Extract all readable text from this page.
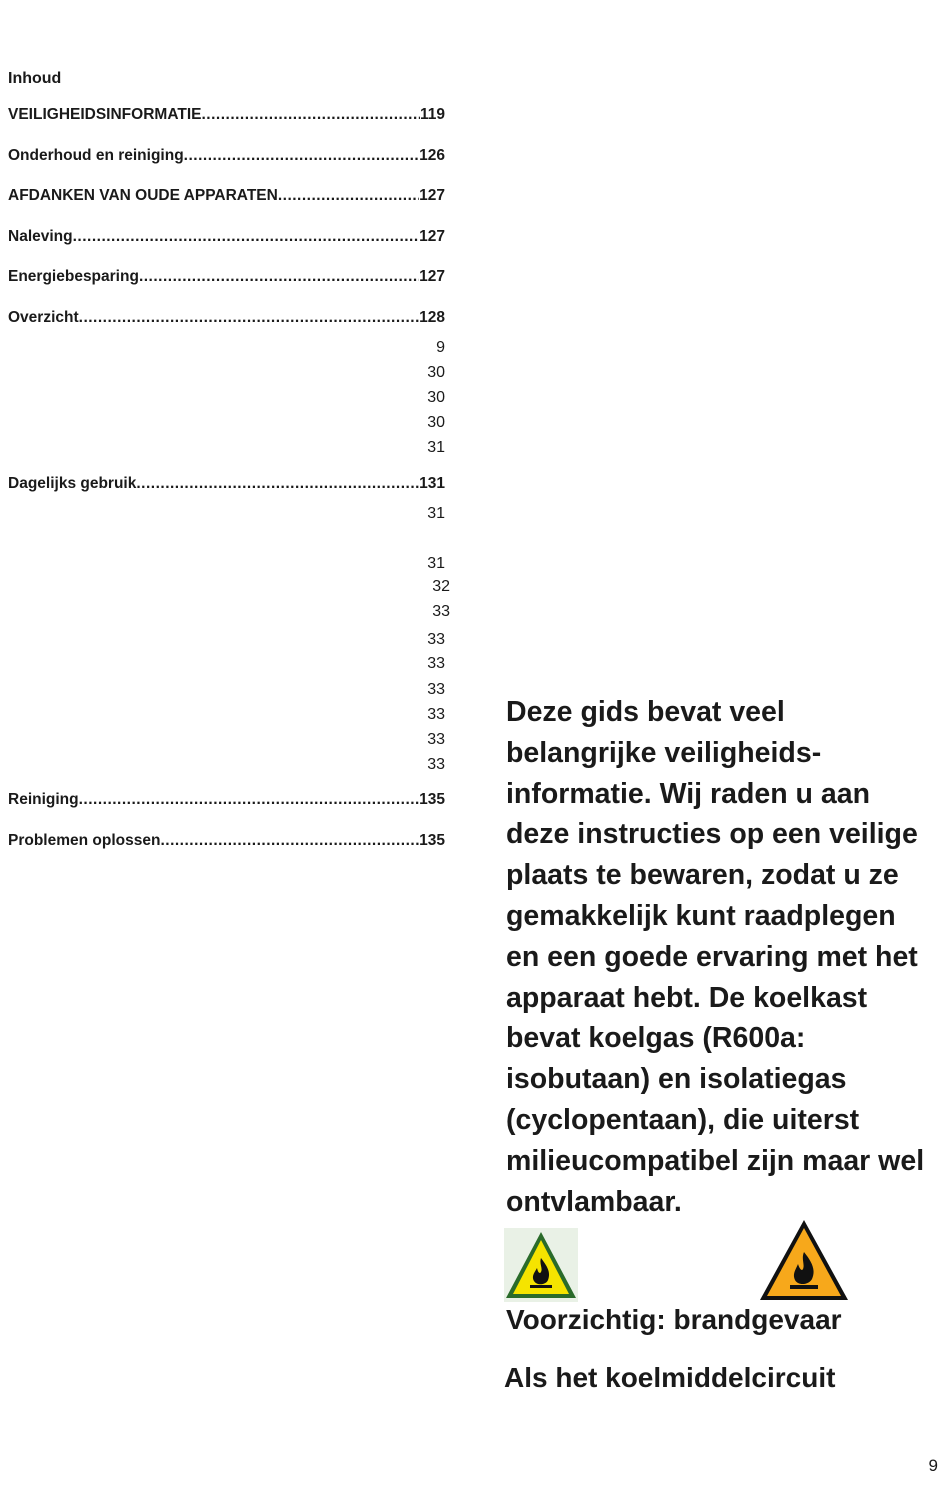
Inhoud
VEILIGHEIDSINFORMATIE .....	119
Onderhoud en reiniging .....	126
AFDANKEN VAN OUDE APPARATEN .....	127
Naleving .....	127
Energiebesparing .....	127
Overzicht .....	128
9
30
30
30
31
Dagelijks gebruik .....	131
31
31
32
33
33
33
33
33
33
33
Reiniging .....	135
Problemen oplossen .....	135
Deze gids bevat veel
belangrijke veiligheids-
informatie. Wij raden u aan
deze instructies op een veilige
plaats te bewaren, zodat u ze
gemakkelijk kunt raadplegen
en een goede ervaring met het
apparaat hebt. De koelkast
bevat koelgas (R600a:
isobutaan) en isolatiegas
(cyclopentaan), die uiterst
milieucompatibel zijn maar wel
ontvlambaar.
Voorzichtig: brandgevaar
Als het koelmiddelcircuit
9
